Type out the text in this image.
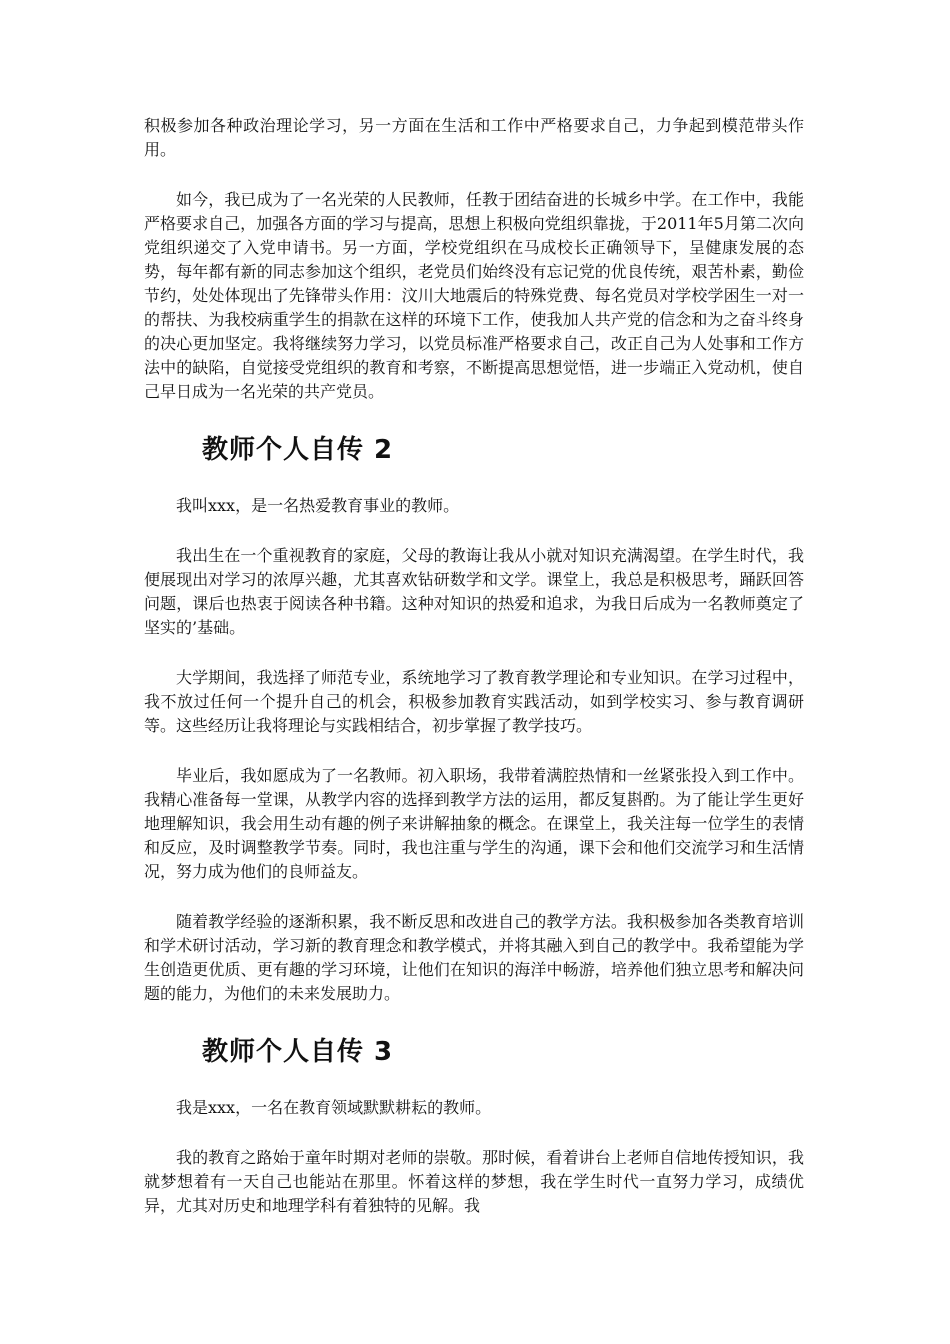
积极参加各种政治理论学习，另一方面在生活和工作中严格要求自己，力争起到模范带头作用。

如今，我已成为了一名光荣的人民教师，任教于团结奋进的长城乡中学。在工作中，我能严格要求自己，加强各方面的学习与提高，思想上积极向党组织靠拢，于2011年5月第二次向党组织递交了入党申请书。另一方面，学校党组织在马成校长正确领导下，呈健康发展的态势，每年都有新的同志参加这个组织，老党员们始终没有忘记党的优良传统，艰苦朴素，勤俭节约，处处体现出了先锋带头作用：汶川大地震后的特殊党费、每名党员对学校学困生一对一的帮扶、为我校病重学生的捐款在这样的环境下工作，使我加人共产党的信念和为之奋斗终身的决心更加坚定。我将继续努力学习，以党员标准严格要求自己，改正自己为人处事和工作方法中的缺陷，自觉接受党组织的教育和考察，不断提高思想觉悟，进一步端正入党动机，使自己早日成为一名光荣的共产党员。

教师个人自传 2

我叫xxx，是一名热爱教育事业的教师。

我出生在一个重视教育的家庭，父母的教诲让我从小就对知识充满渴望。在学生时代，我便展现出对学习的浓厚兴趣，尤其喜欢钻研数学和文学。课堂上，我总是积极思考，踊跃回答问题，课后也热衷于阅读各种书籍。这种对知识的热爱和追求，为我日后成为一名教师奠定了坚实的’基础。

大学期间，我选择了师范专业，系统地学习了教育教学理论和专业知识。在学习过程中，我不放过任何一个提升自己的机会，积极参加教育实践活动，如到学校实习、参与教育调研等。这些经历让我将理论与实践相结合，初步掌握了教学技巧。

毕业后，我如愿成为了一名教师。初入职场，我带着满腔热情和一丝紧张投入到工作中。我精心准备每一堂课，从教学内容的选择到教学方法的运用，都反复斟酌。为了能让学生更好地理解知识，我会用生动有趣的例子来讲解抽象的概念。在课堂上，我关注每一位学生的表情和反应，及时调整教学节奏。同时，我也注重与学生的沟通，课下会和他们交流学习和生活情况，努力成为他们的良师益友。

随着教学经验的逐渐积累，我不断反思和改进自己的教学方法。我积极参加各类教育培训和学术研讨活动，学习新的教育理念和教学模式，并将其融入到自己的教学中。我希望能为学生创造更优质、更有趣的学习环境，让他们在知识的海洋中畅游，培养他们独立思考和解决问题的能力，为他们的未来发展助力。

教师个人自传 3

我是xxx，一名在教育领域默默耕耘的教师。

我的教育之路始于童年时期对老师的崇敬。那时候，看着讲台上老师自信地传授知识，我就梦想着有一天自己也能站在那里。怀着这样的梦想，我在学生时代一直努力学习，成绩优异，尤其对历史和地理学科有着独特的见解。我
